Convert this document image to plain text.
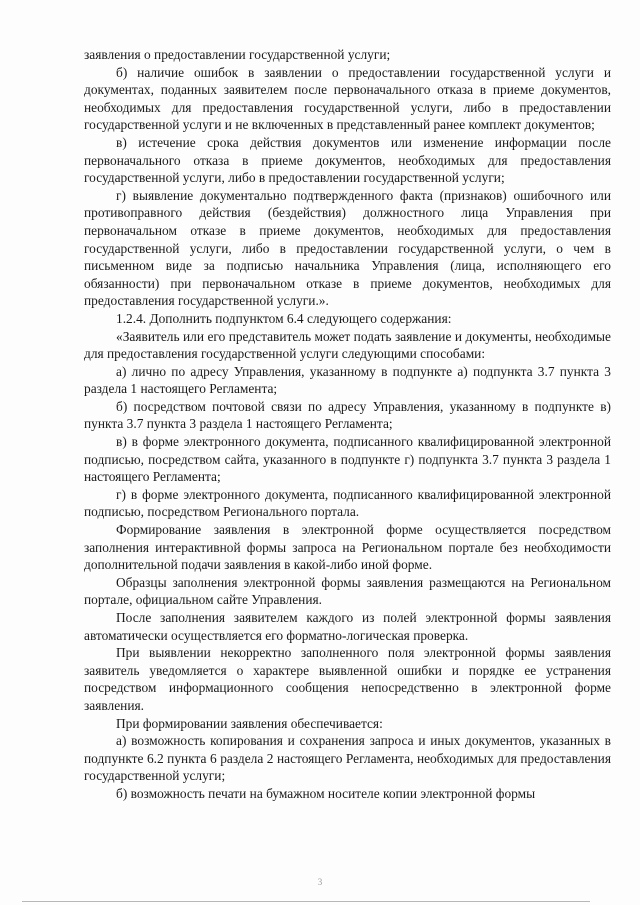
заявления о предоставлении государственной услуги;

б) наличие ошибок в заявлении о предоставлении государственной услуги и документах, поданных заявителем после первоначального отказа в приеме документов, необходимых для предоставления государственной услуги, либо в предоставлении государственной услуги и не включенных в представленный ранее комплект документов;

в) истечение срока действия документов или изменение информации после первоначального отказа в приеме документов, необходимых для предоставления государственной услуги, либо в предоставлении государственной услуги;

г) выявление документально подтвержденного факта (признаков) ошибочного или противоправного действия (бездействия) должностного лица Управления при первоначальном отказе в приеме документов, необходимых для предоставления государственной услуги, либо в предоставлении государственной услуги, о чем в письменном виде за подписью начальника Управления (лица, исполняющего его обязанности) при первоначальном отказе в приеме документов, необходимых для предоставления государственной услуги.».

1.2.4. Дополнить подпунктом 6.4 следующего содержания:

«Заявитель или его представитель может подать заявление и документы, необходимые для предоставления государственной услуги следующими способами:

а) лично по адресу Управления, указанному в подпункте а) подпункта 3.7 пункта 3 раздела 1 настоящего Регламента;

б) посредством почтовой связи по адресу Управления, указанному в подпункте в) пункта 3.7 пункта 3 раздела 1 настоящего Регламента;

в) в форме электронного документа, подписанного квалифицированной электронной подписью, посредством сайта, указанного в подпункте г) подпункта 3.7 пункта 3 раздела 1 настоящего Регламента;

г) в форме электронного документа, подписанного квалифицированной электронной подписью, посредством Регионального портала.

Формирование заявления в электронной форме осуществляется посредством заполнения интерактивной формы запроса на Региональном портале без необходимости дополнительной подачи заявления в какой-либо иной форме.

Образцы заполнения электронной формы заявления размещаются на Региональном портале, официальном сайте Управления.

После заполнения заявителем каждого из полей электронной формы заявления автоматически осуществляется его форматно-логическая проверка.

При выявлении некорректно заполненного поля электронной формы заявления заявитель уведомляется о характере выявленной ошибки и порядке ее устранения посредством информационного сообщения непосредственно в электронной форме заявления.

При формировании заявления обеспечивается:

а) возможность копирования и сохранения запроса и иных документов, указанных в подпункте 6.2 пункта 6 раздела 2 настоящего Регламента, необходимых для предоставления государственной услуги;

б) возможность печати на бумажном носителе копии электронной формы

3
